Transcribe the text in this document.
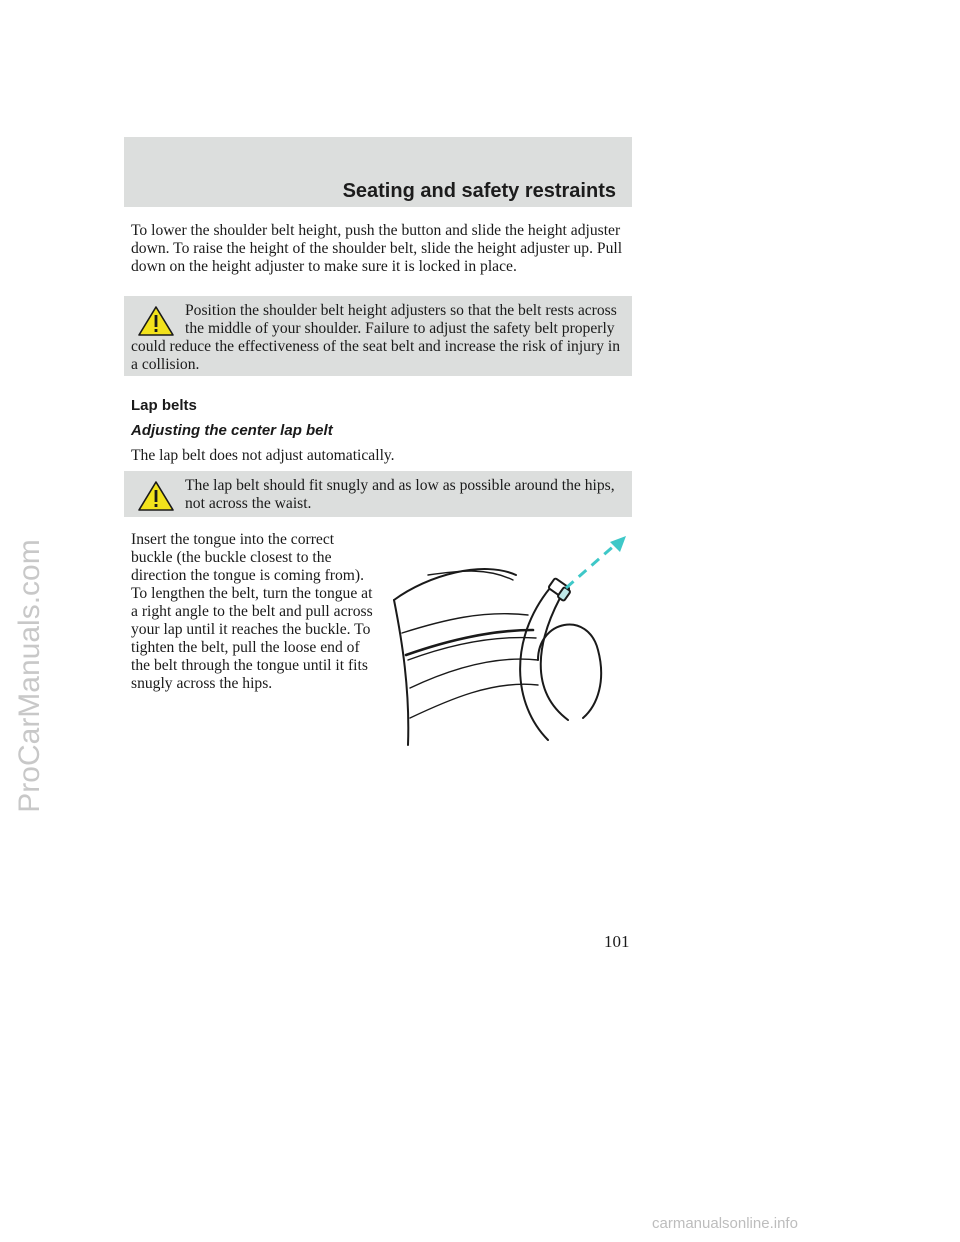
Seating and safety restraints

To lower the shoulder belt height, push the button and slide the height adjuster down. To raise the height of the shoulder belt, slide the height adjuster up. Pull down on the height adjuster to make sure it is locked in place.

Position the shoulder belt height adjusters so that the belt rests across the middle of your shoulder. Failure to adjust the safety belt properly could reduce the effectiveness of the seat belt and increase the risk of injury in a collision.

Lap belts
Adjusting the center lap belt

The lap belt does not adjust automatically.

The lap belt should fit snugly and as low as possible around the hips, not across the waist.

Insert the tongue into the correct buckle (the buckle closest to the direction the tongue is coming from). To lengthen the belt, turn the tongue at a right angle to the belt and pull across your lap until it reaches the buckle. To tighten the belt, pull the loose end of the belt through the tongue until it fits snugly across the hips.

101
ProCarManuals.com
carmanualsonline.info
